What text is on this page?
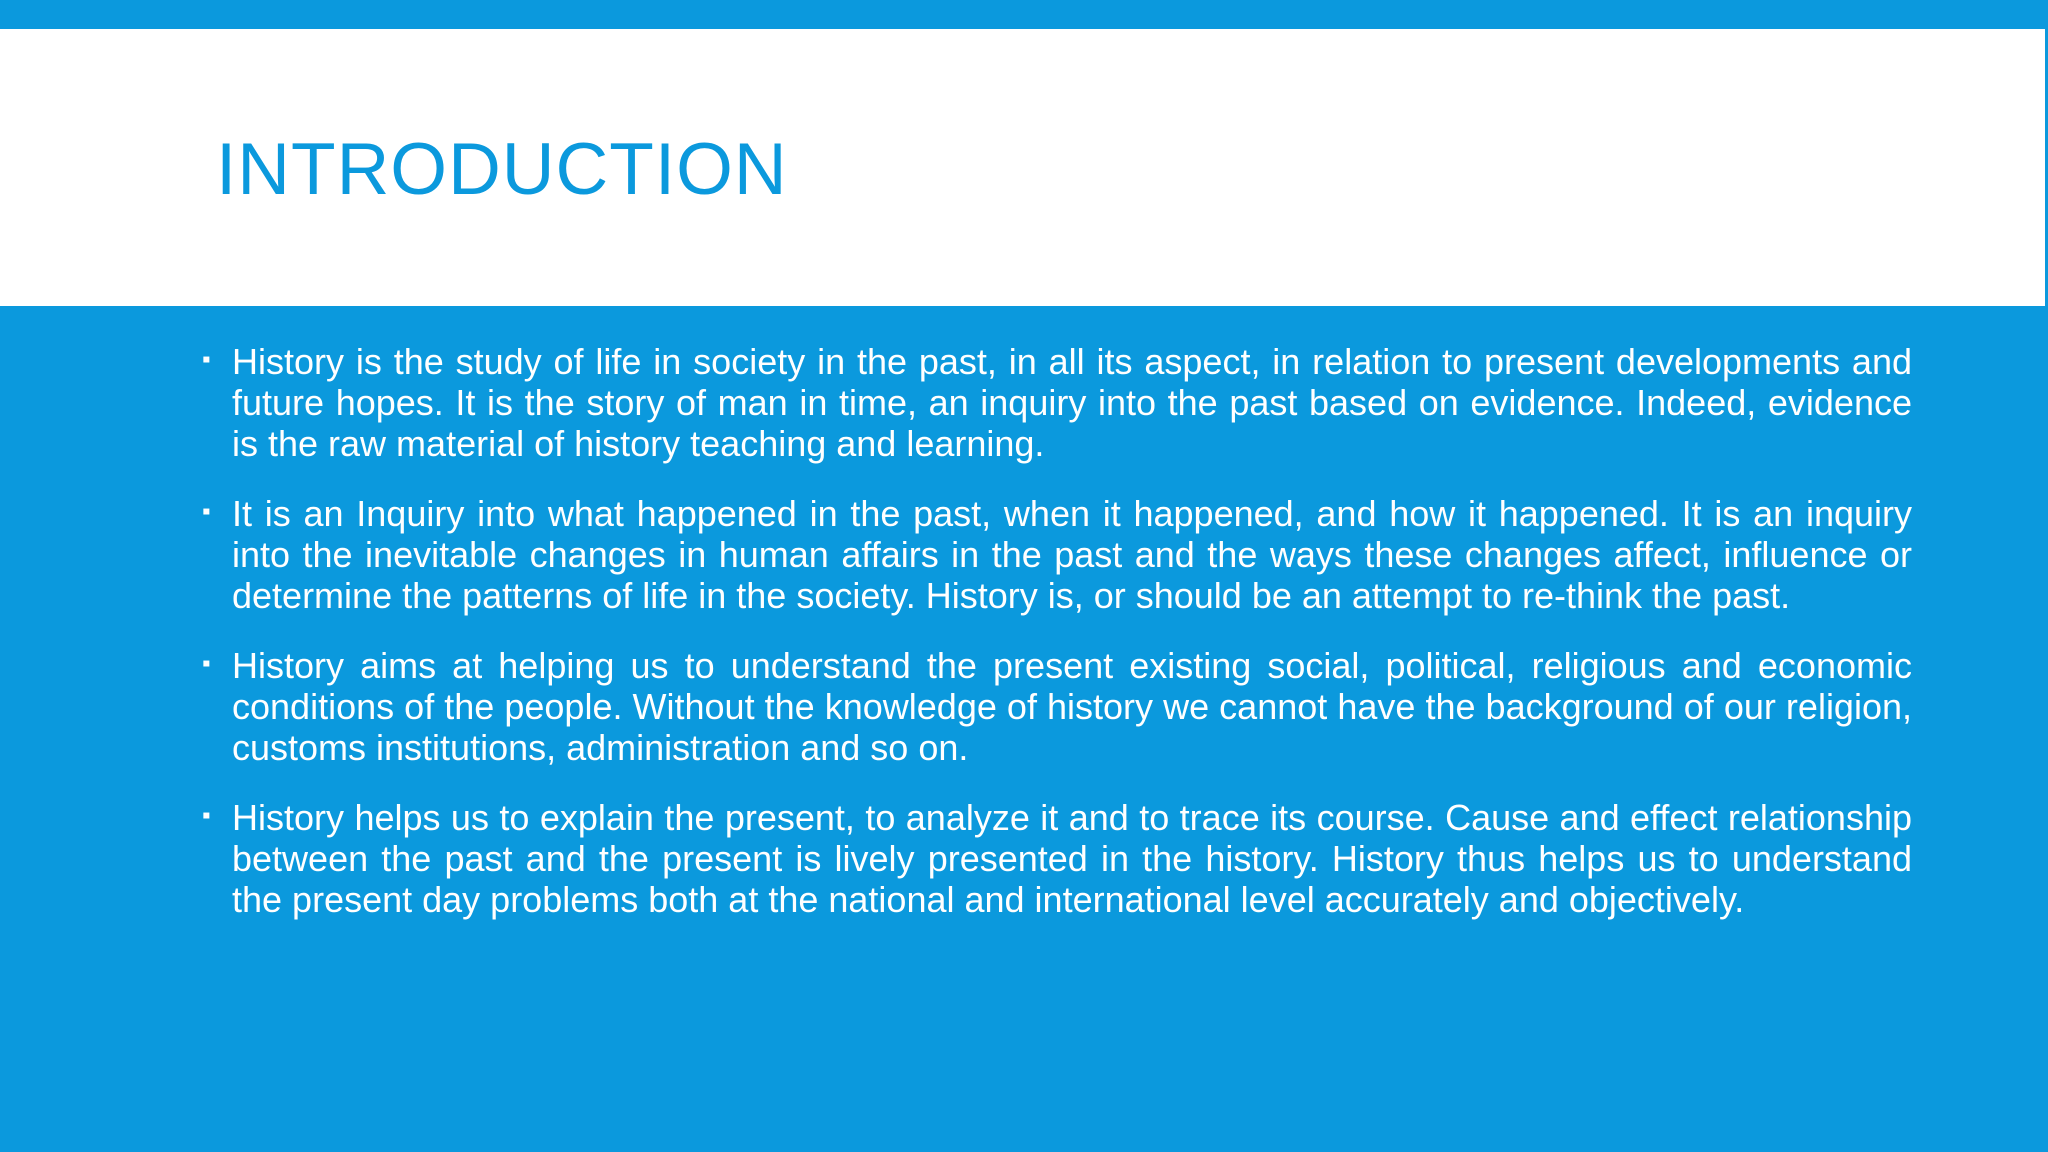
INTRODUCTION
▪ History is the study of life in society in the past, in all its aspect, in relation to present developments and future hopes. It is the story of man in time, an inquiry into the past based on evidence. Indeed, evidence is the raw material of history teaching and learning.
▪ It is an Inquiry into what happened in the past, when it happened, and how it happened. It is an inquiry into the inevitable changes in human affairs in the past and the ways these changes affect, influence or determine the patterns of life in the society. History is, or should be an attempt to re-think the past.
▪ History aims at helping us to understand the present existing social, political, religious and economic conditions of the people. Without the knowledge of history we cannot have the background of our religion, customs institutions, administration and so on.
▪ History helps us to explain the present, to analyze it and to trace its course. Cause and effect relationship between the past and the present is lively presented in the history. History thus helps us to understand the present day problems both at the national and international level accurately and objectively.
